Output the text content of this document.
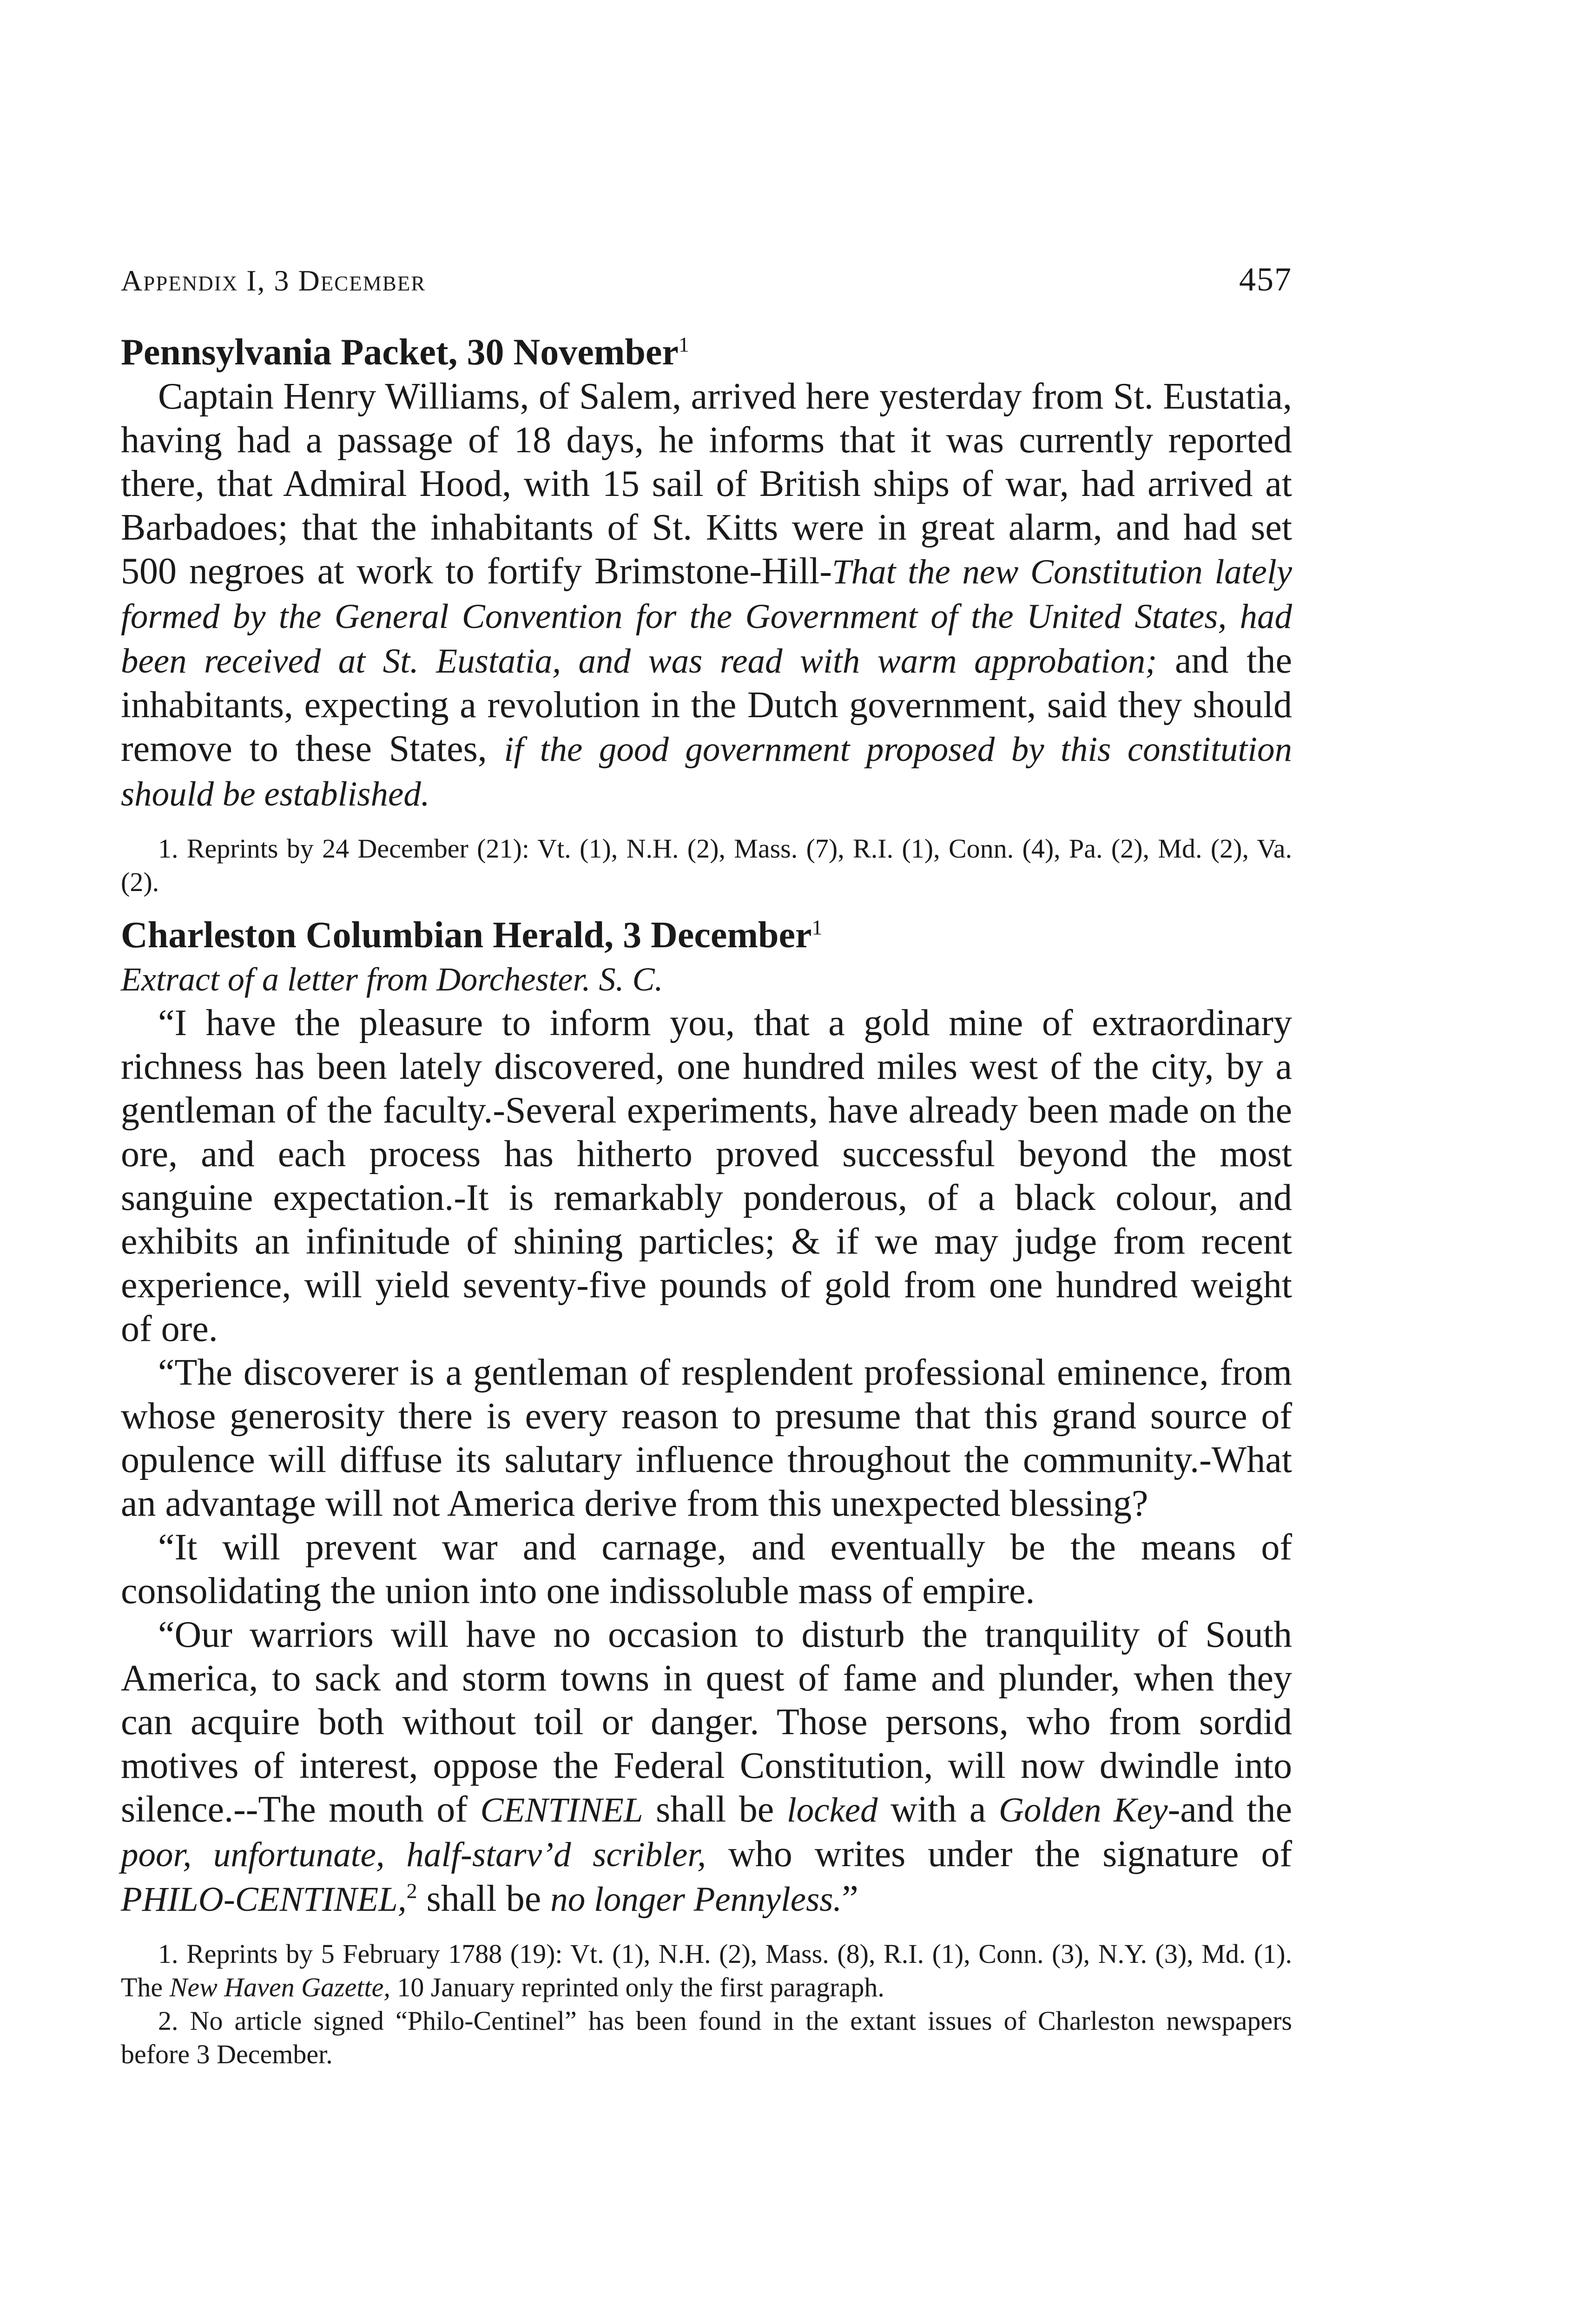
Appendix I, 3 December	457
Pennsylvania Packet, 30 November$^1$

Captain Henry Williams, of Salem, arrived here yesterday from St. Eustatia, having had a passage of 18 days, he informs that it was currently reported there, that Admiral Hood, with 15 sail of British ships of war, had arrived at Barbadoes; that the inhabitants of St. Kitts were in great alarm, and had set 500 negroes at work to fortify Brimstone-Hill-That the new Constitution lately formed by the General Convention for the Government of the United States, had been received at St. Eustatia, and was read with warm approbation; and the inhabitants, expecting a revolution in the Dutch government, said they should remove to these States, if the good government proposed by this constitution should be established.

1. Reprints by 24 December (21): Vt. (1), N.H. (2), Mass. (7), R.I. (1), Conn. (4), Pa. (2), Md. (2), Va. (2).

Charleston Columbian Herald, 3 December$^1$

Extract of a letter from Dorchester. S. C.

“I have the pleasure to inform you, that a gold mine of extraordinary richness has been lately discovered, one hundred miles west of the city, by a gentleman of the faculty.-Several experiments, have already been made on the ore, and each process has hitherto proved successful beyond the most sanguine expectation.-It is remarkably ponderous, of a black colour, and exhibits an infinitude of shining particles; & if we may judge from recent experience, will yield seventy-five pounds of gold from one hundred weight of ore.

“The discoverer is a gentleman of resplendent professional eminence, from whose generosity there is every reason to presume that this grand source of opulence will diffuse its salutary influence throughout the community.-What an advantage will not America derive from this unexpected blessing?

“It will prevent war and carnage, and eventually be the means of consolidating the union into one indissoluble mass of empire.

“Our warriors will have no occasion to disturb the tranquility of South America, to sack and storm towns in quest of fame and plunder, when they can acquire both without toil or danger. Those persons, who from sordid motives of interest, oppose the Federal Constitution, will now dwindle into silence.--The mouth of CENTINEL shall be locked with a Golden Key-and the poor, unfortunate, half-starv’d scribler, who writes under the signature of PHILO-CENTINEL,$^2$ shall be no longer Pennyless.”

1. Reprints by 5 February 1788 (19): Vt. (1), N.H. (2), Mass. (8), R.I. (1), Conn. (3), N.Y. (3), Md. (1). The New Haven Gazette, 10 January reprinted only the first paragraph.

2. No article signed “Philo-Centinel” has been found in the extant issues of Charleston newspapers before 3 December.
